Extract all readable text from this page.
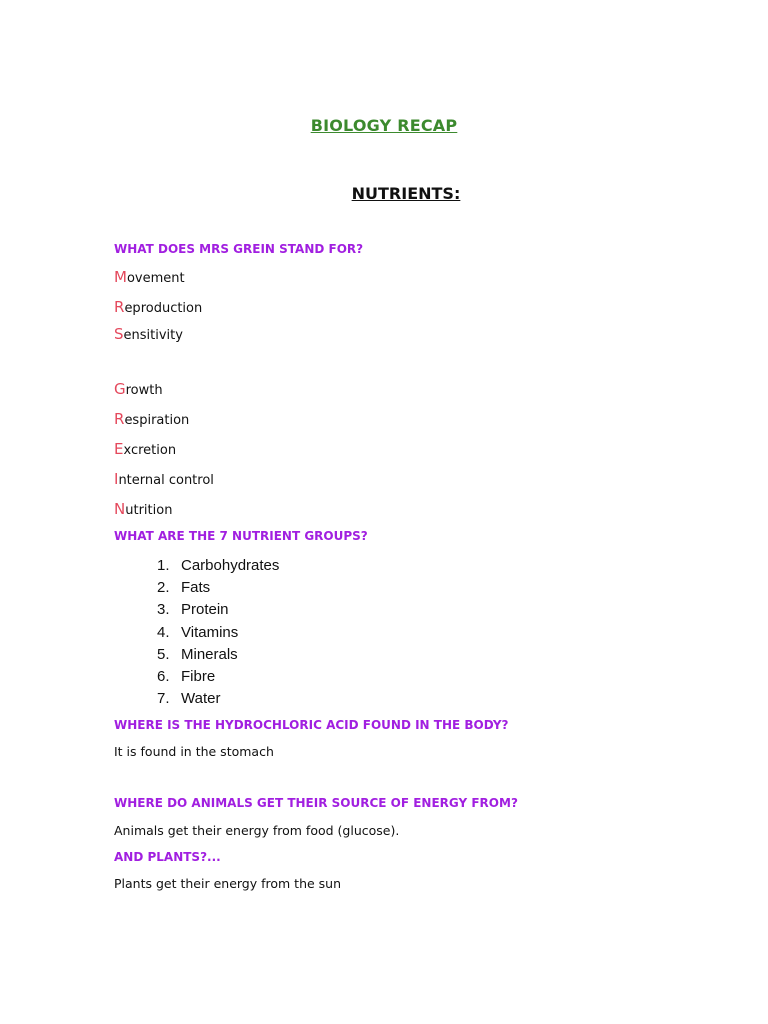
BIOLOGY RECAP
NUTRIENTS:
WHAT DOES MRS GREIN STAND FOR?
Movement
Reproduction
Sensitivity
Growth
Respiration
Excretion
Internal control
Nutrition
WHAT ARE THE 7 NUTRIENT GROUPS?
1. Carbohydrates
2. Fats
3. Protein
4. Vitamins
5. Minerals
6. Fibre
7. Water
WHERE IS THE HYDROCHLORIC ACID FOUND IN THE BODY?
It is found in the stomach
WHERE DO ANIMALS GET THEIR SOURCE OF ENERGY FROM?
Animals get their energy from food (glucose).
AND PLANTS?...
Plants get their energy from the sun
